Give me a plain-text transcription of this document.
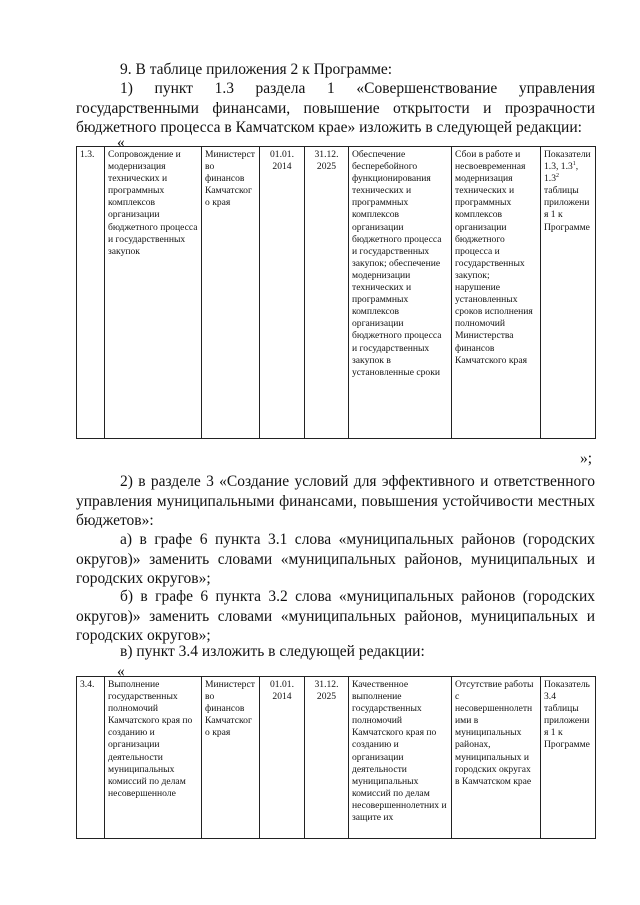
9. В таблице приложения 2 к Программе:

1) пункт 1.3 раздела 1 «Совершенствование управления государственными финансами, повышение открытости и прозрачности бюджетного процесса в Камчатском крае» изложить в следующей редакции:

«
1.3.	Сопровождение и модернизация технических и программных комплексов организации бюджетного процесса и государственных закупок	Министерство финансов Камчатского края	01.01. 2014	31.12. 2025	Обеспечение бесперебойного функционирования технических и программных комплексов организации бюджетного процесса и государственных закупок; обеспечение модернизации технических и программных комплексов организации бюджетного процесса и государственных закупок в установленные сроки	Сбои в работе и несвоевременная модернизация технических и программных комплексов организации бюджетного процесса и государственных закупок; нарушение установленных сроков исполнения полномочий Министерства финансов Камчатского края	Показатели 1.3, $1.3^1$, $1.3^2$ таблицы приложения 1 к Программе
»;

2) в разделе 3 «Создание условий для эффективного и ответственного управления муниципальными финансами, повышения устойчивости местных бюджетов»:

а) в графе 6 пункта 3.1 слова «муниципальных районов (городских округов)» заменить словами «муниципальных районов, муниципальных и городских округов»;

б) в графе 6 пункта 3.2 слова «муниципальных районов (городских округов)» заменить словами «муниципальных районов, муниципальных и городских округов»;

в) пункт 3.4 изложить в следующей редакции:

«
3.4.	Выполнение государственных полномочий Камчатского края по созданию и организации деятельности муниципальных комиссий по делам несовершенноле	Министерство финансов Камчатского края	01.01. 2014	31.12. 2025	Качественное выполнение государственных полномочий Камчатского края по созданию и организации деятельности муниципальных комиссий по делам несовершеннолетних и защите их	Отсутствие работы с несовершеннолетними в муниципальных районах, муниципальных и городских округах в Камчатском крае	Показатель 3.4 таблицы приложения 1 к Программе
